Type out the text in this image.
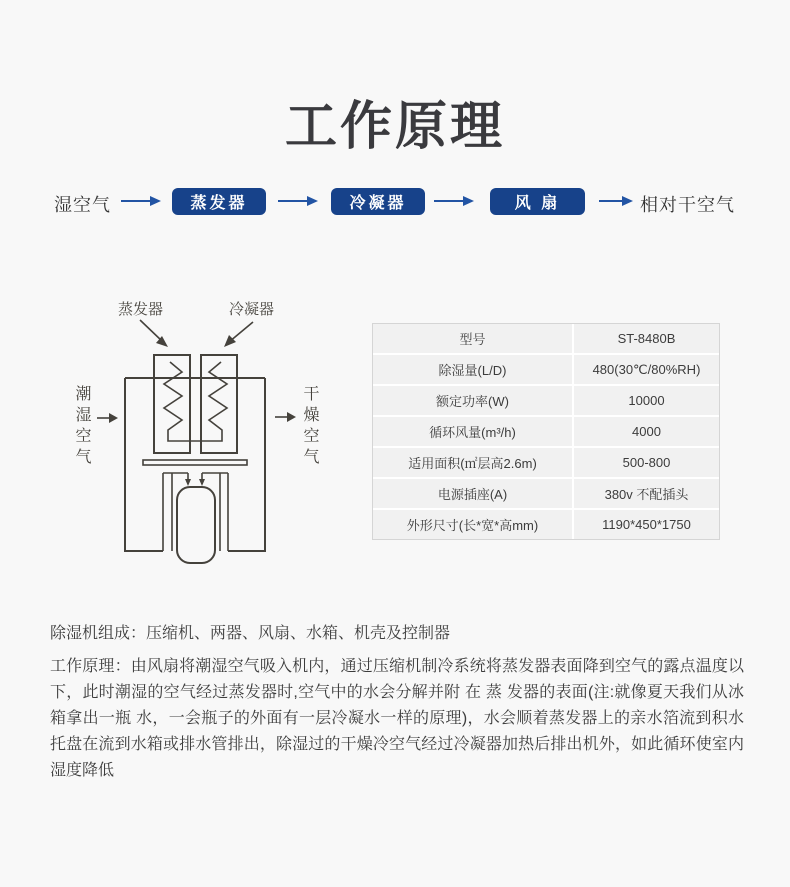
工作原理
湿空气	蒸发器	冷凝器	风 扇	相对干空气
蒸发器	冷凝器
潮湿空气	干燥空气
型号	ST-8480B
除湿量(L/D)	480(30℃/80%RH)
额定功率(W)	10000
循环风量(m³/h)	4000
适用面积(㎡层高2.6m)	500-800
电源插座(A)	380v 不配插头
外形尺寸(长*宽*高mm)	1190*450*1750

除湿机组成：压缩机、两器、风扇、水箱、机壳及控制器

工作原理：由风扇将潮湿空气吸入机内，通过压缩机制冷系统将蒸发器表面降到空气的露点温度以下，此时潮湿的空气经过蒸发器时,空气中的水会分解并附 在 蒸 发器的表面(注:就像夏天我们从冰箱拿出一瓶 水，一会瓶子的外面有一层冷凝水一样的原理)，水会顺着蒸发器上的亲水箔流到积水托盘在流到水箱或排水管排出，除湿过的干燥冷空气经过冷凝器加热后排出机外，如此循环使室内湿度降低
